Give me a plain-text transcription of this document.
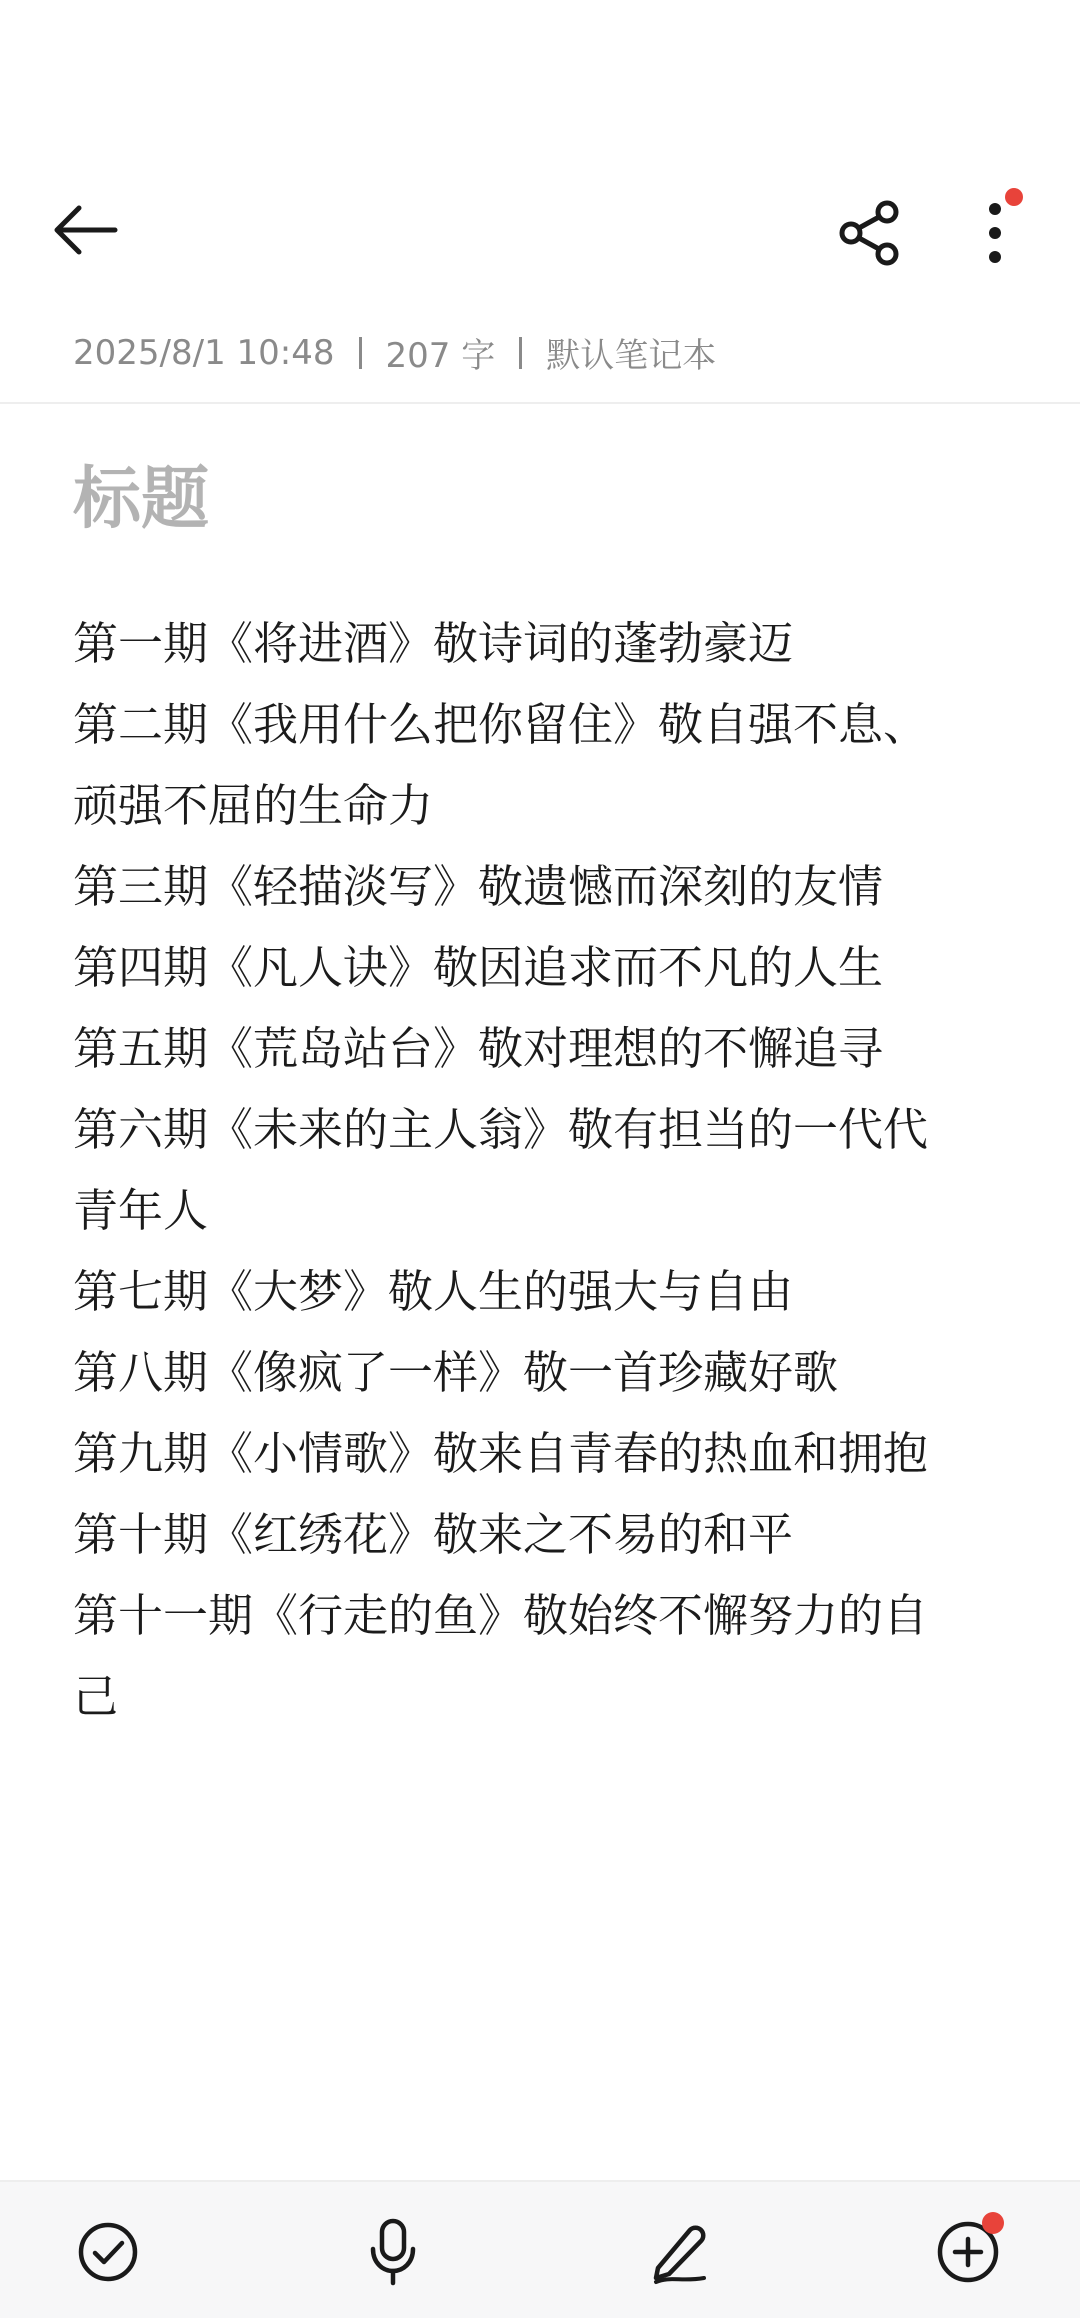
2025/8/1 10:48 207 字 默认笔记本
标题
第一期《将进酒》敬诗词的蓬勃豪迈
第二期《我用什么把你留住》敬自强不息、
顽强不屈的生命力
第三期《轻描淡写》敬遗憾而深刻的友情
第四期《凡人诀》敬因追求而不凡的人生
第五期《荒岛站台》敬对理想的不懈追寻
第六期《未来的主人翁》敬有担当的一代代
青年人
第七期《大梦》敬人生的强大与自由
第八期《像疯了一样》敬一首珍藏好歌
第九期《小情歌》敬来自青春的热血和拥抱
第十期《红绣花》敬来之不易的和平
第十一期《行走的鱼》敬始终不懈努力的自
己
